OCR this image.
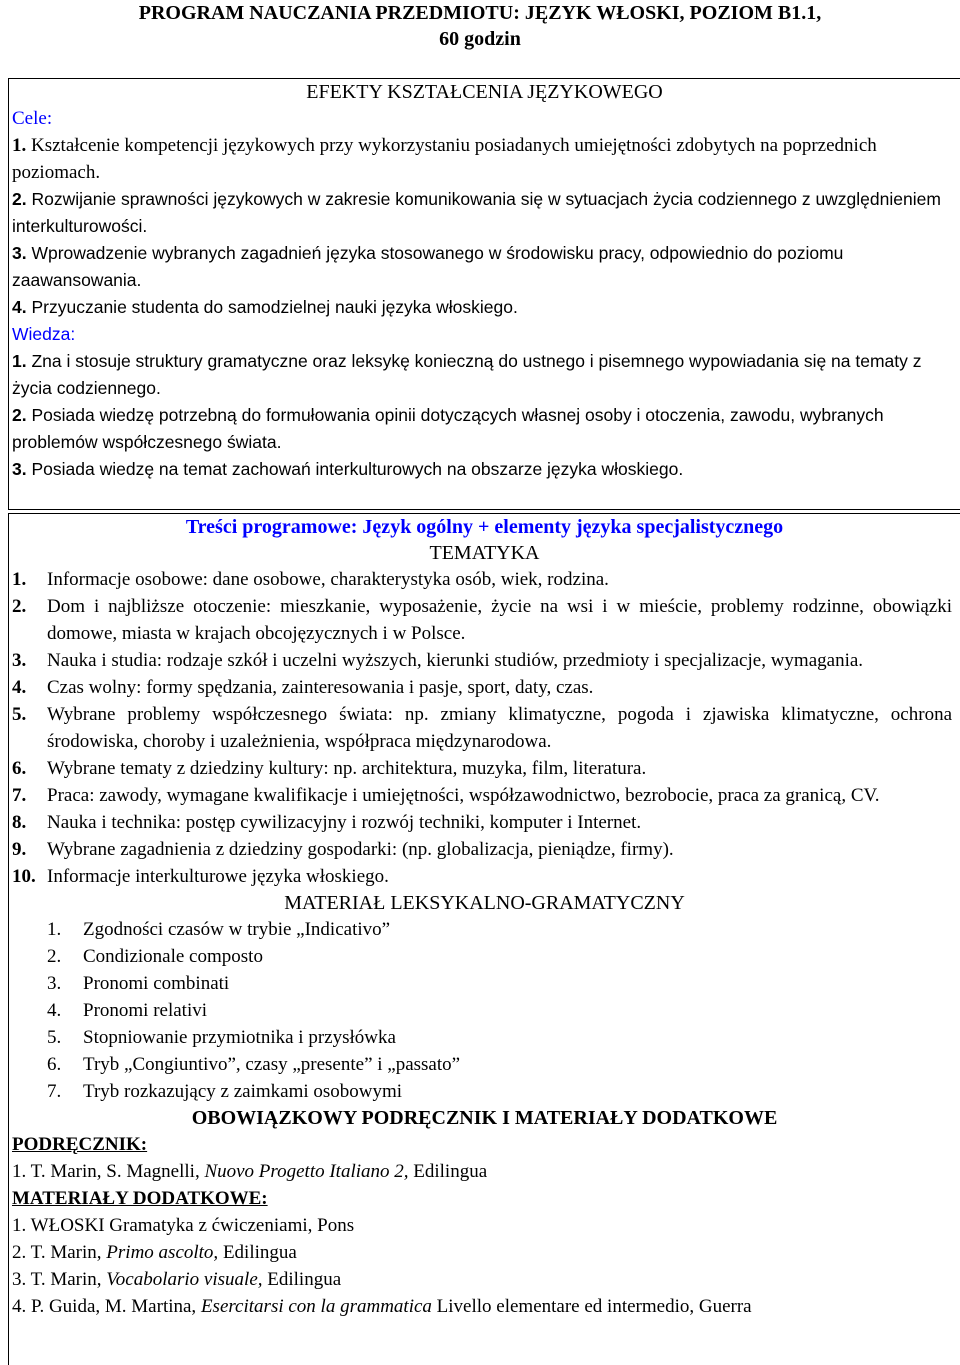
PROGRAM NAUCZANIA PRZEDMIOTU: JĘZYK WŁOSKI, POZIOM B1.1,
60 godzin
EFEKTY KSZTAŁCENIA JĘZYKOWEGO

Cele:

1. Kształcenie kompetencji językowych przy wykorzystaniu posiadanych umiejętności zdobytych na poprzednich poziomach.

2. Rozwijanie sprawności językowych w zakresie komunikowania się w sytuacjach życia codziennego z uwzględnieniem interkulturowości.

3. Wprowadzenie wybranych zagadnień języka stosowanego w środowisku pracy, odpowiednio do poziomu zaawansowania.

4. Przyuczanie studenta do samodzielnej nauki języka włoskiego.

Wiedza:

1. Zna i stosuje struktury gramatyczne oraz leksykę konieczną do ustnego i pisemnego wypowiadania się na tematy z życia codziennego.

2. Posiada wiedzę potrzebną do formułowania opinii dotyczących własnej osoby i otoczenia, zawodu, wybranych problemów współczesnego świata.

3. Posiada wiedzę na temat zachowań interkulturowych na obszarze języka włoskiego.

Treści programowe: Język ogólny + elementy języka specjalistycznego
TEMATYKA
1. Informacje osobowe: dane osobowe, charakterystyka osób, wiek, rodzina.
2. Dom i najbliższe otoczenie: mieszkanie, wyposażenie, życie na wsi i w mieście, problemy rodzinne, obowiązki domowe, miasta w krajach obcojęzycznych i w Polsce.
3. Nauka i studia: rodzaje szkół i uczelni wyższych, kierunki studiów, przedmioty i specjalizacje, wymagania.
4. Czas wolny: formy spędzania, zainteresowania i pasje, sport, daty, czas.
5. Wybrane problemy współczesnego świata: np. zmiany klimatyczne, pogoda i zjawiska klimatyczne, ochrona środowiska, choroby i uzależnienia, współpraca międzynarodowa.
6. Wybrane tematy z dziedziny kultury: np. architektura, muzyka, film, literatura.
7. Praca: zawody, wymagane kwalifikacje i umiejętności, współzawodnictwo, bezrobocie, praca za granicą, CV.
8. Nauka i technika: postęp cywilizacyjny i rozwój techniki, komputer i Internet.
9. Wybrane zagadnienia z dziedziny gospodarki: (np. globalizacja, pieniądze, firmy).
10. Informacje interkulturowe języka włoskiego.
MATERIAŁ LEKSYKALNO-GRAMATYCZNY
1. Zgodności czasów w trybie „Indicativo”
2. Condizionale composto
3. Pronomi combinati
4. Pronomi relativi
5. Stopniowanie przymiotnika i przysłówka
6. Tryb „Congiuntivo”, czasy „presente” i „passato”
7. Tryb rozkazujący z zaimkami osobowymi
OBOWIĄZKOWY PODRĘCZNIK I MATERIAŁY DODATKOWE

PODRĘCZNIK:

1. T. Marin, S. Magnelli, Nuovo Progetto Italiano 2, Edilingua

MATERIAŁY DODATKOWE:

1. WŁOSKI Gramatyka z ćwiczeniami, Pons

2. T. Marin, Primo ascolto, Edilingua

3. T. Marin, Vocabolario visuale, Edilingua

4. P. Guida, M. Martina, Esercitarsi con la grammatica Livello elementare ed intermedio, Guerra
